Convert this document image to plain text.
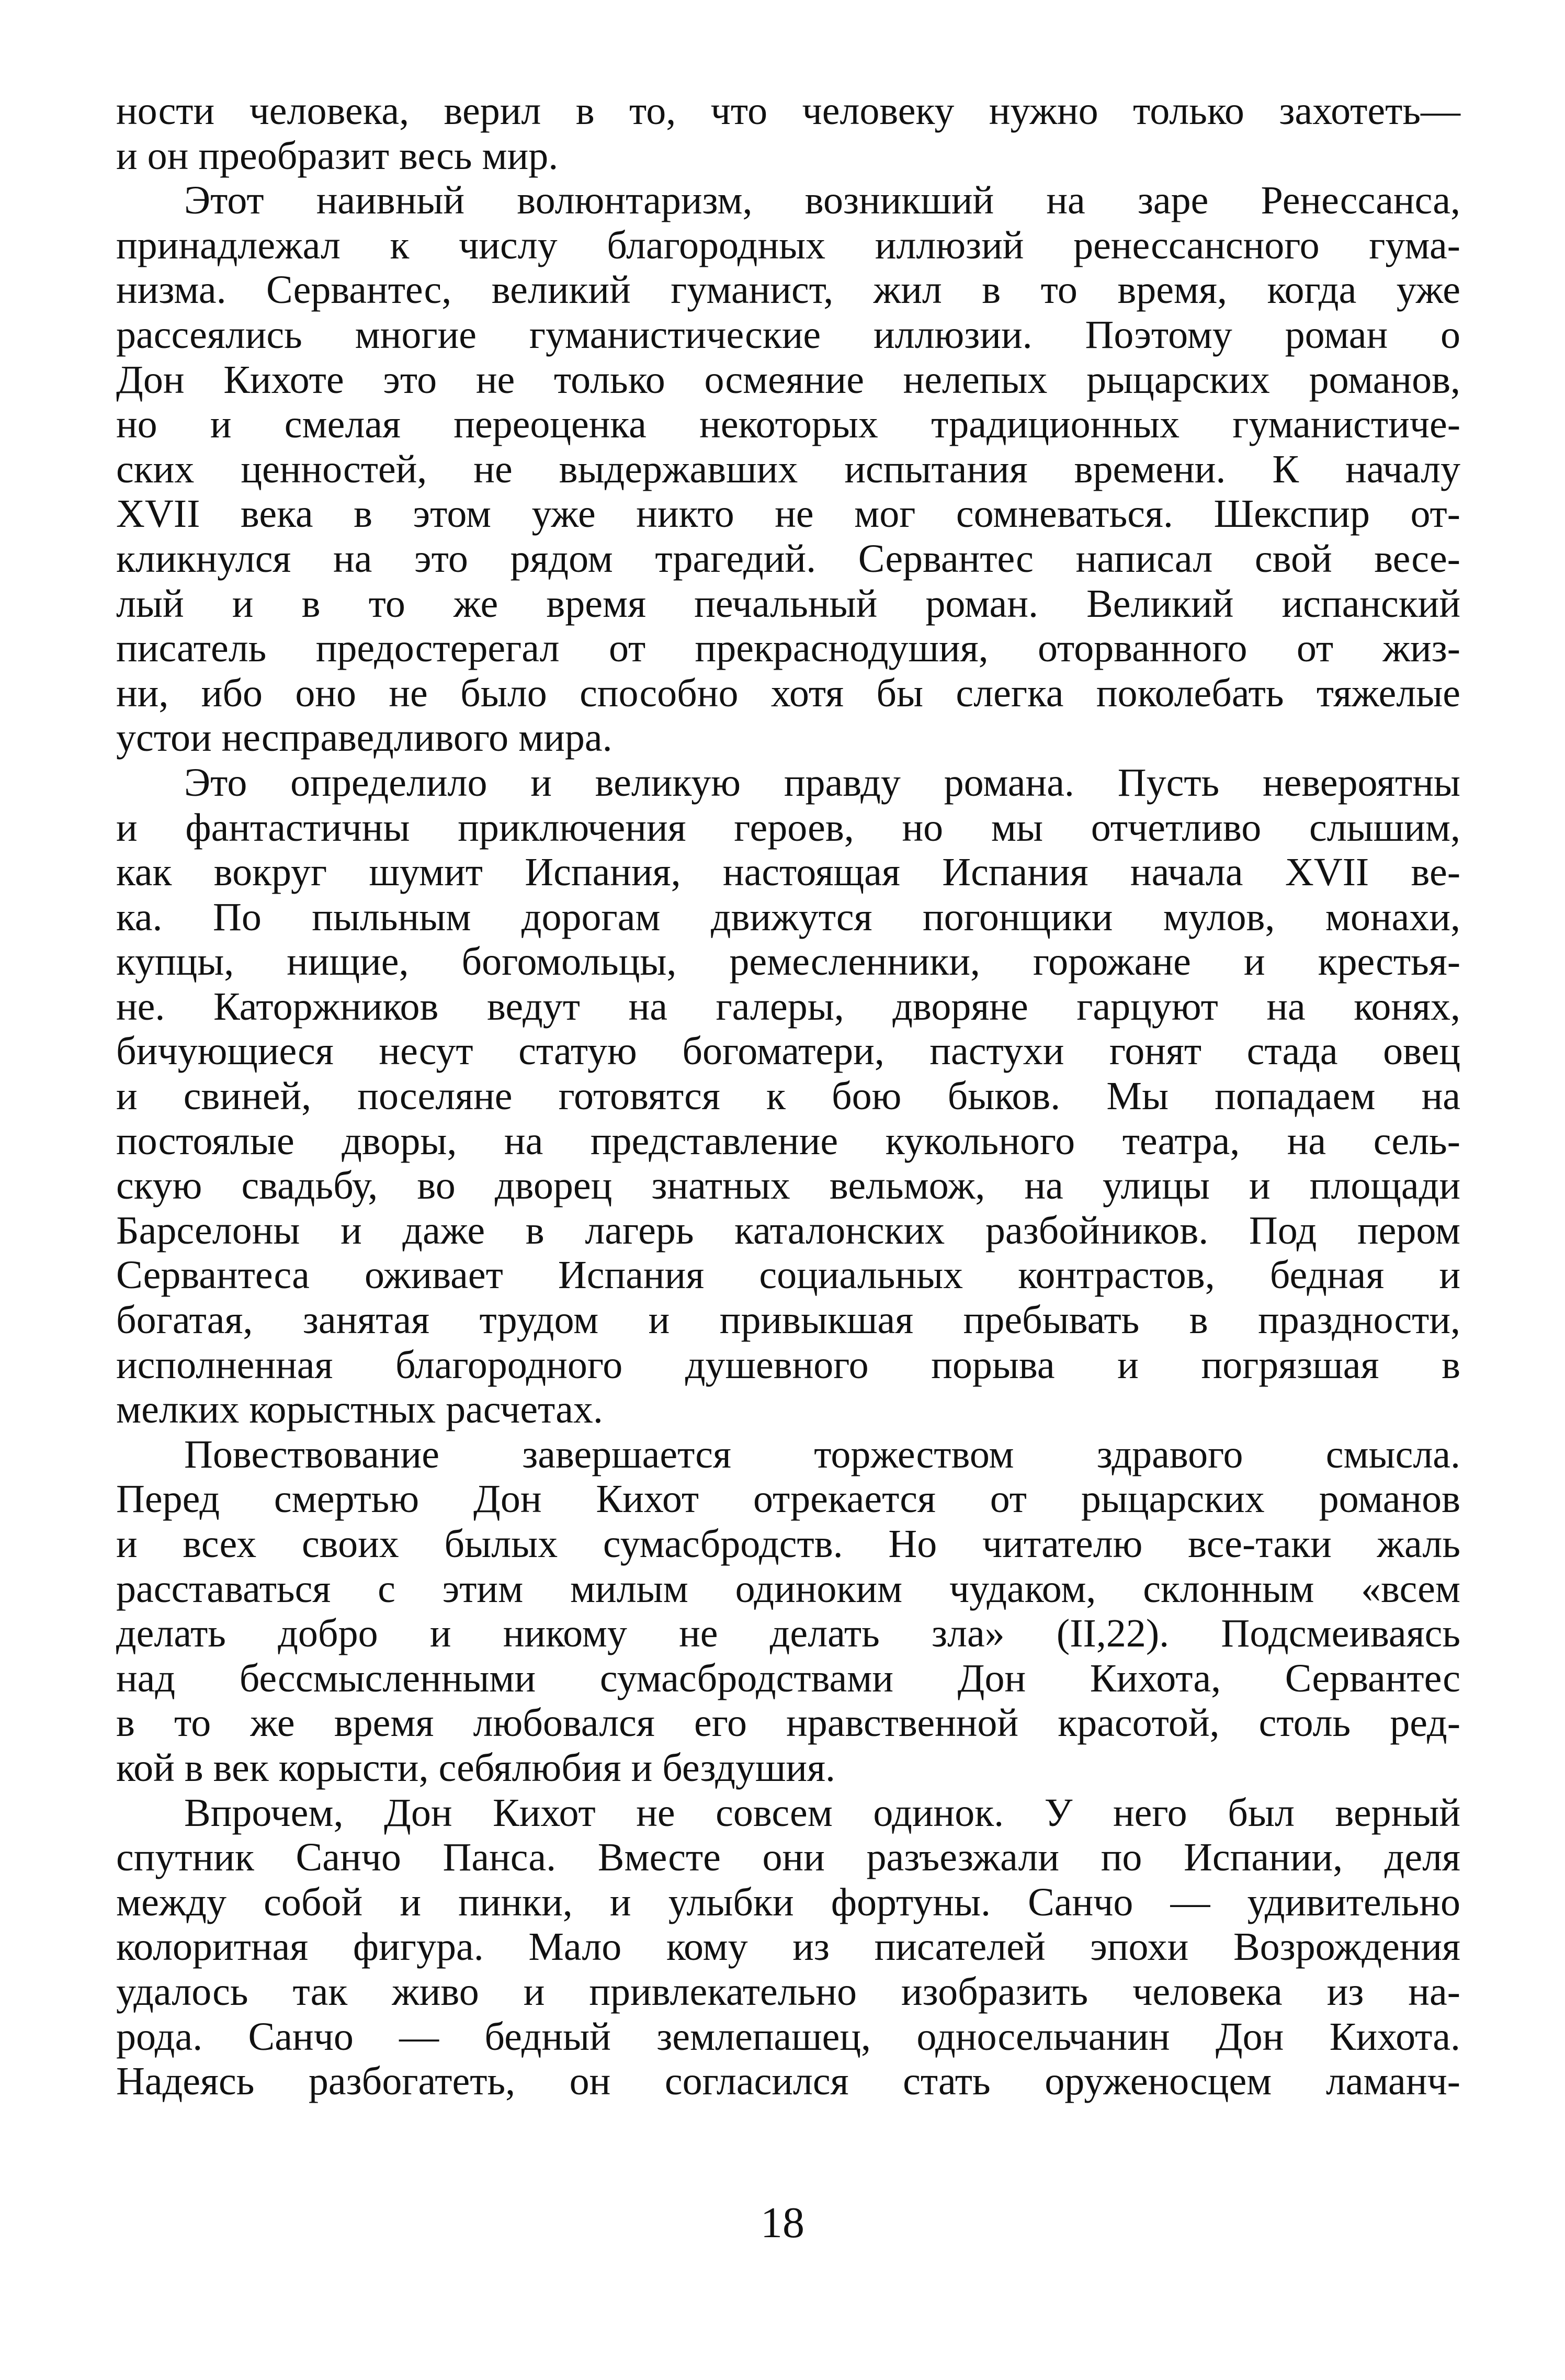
ности человека, верил в то, что человеку нужно только захотеть—
и он преобразит весь мир.
Этот наивный волюнтаризм, возникший на заре Ренессанса,
принадлежал к числу благородных иллюзий ренессансного гума-
низма. Сервантес, великий гуманист, жил в то время, когда уже
рассеялись многие гуманистические иллюзии. Поэтому роман о
Дон Кихоте это не только осмеяние нелепых рыцарских романов,
но и смелая переоценка некоторых традиционных гуманистиче-
ских ценностей, не выдержавших испытания времени. К началу
XVII века в этом уже никто не мог сомневаться. Шекспир от-
кликнулся на это рядом трагедий. Сервантес написал свой весе-
лый и в то же время печальный роман. Великий испанский
писатель предостерегал от прекраснодушия, оторванного от жиз-
ни, ибо оно не было способно хотя бы слегка поколебать тяжелые
устои несправедливого мира.
Это определило и великую правду романа. Пусть невероятны
и фантастичны приключения героев, но мы отчетливо слышим,
как вокруг шумит Испания, настоящая Испания начала XVII ве-
ка. По пыльным дорогам движутся погонщики мулов, монахи,
купцы, нищие, богомольцы, ремесленники, горожане и крестья-
не. Каторжников ведут на галеры, дворяне гарцуют на конях,
бичующиеся несут статую богоматери, пастухи гонят стада овец
и свиней, поселяне готовятся к бою быков. Мы попадаем на
постоялые дворы, на представление кукольного театра, на сель-
скую свадьбу, во дворец знатных вельмож, на улицы и площади
Барселоны и даже в лагерь каталонских разбойников. Под пером
Сервантеса оживает Испания социальных контрастов, бедная и
богатая, занятая трудом и привыкшая пребывать в праздности,
исполненная благородного душевного порыва и погрязшая в
мелких корыстных расчетах.
Повествование завершается торжеством здравого смысла.
Перед смертью Дон Кихот отрекается от рыцарских романов
и всех своих былых сумасбродств. Но читателю все-таки жаль
расставаться с этим милым одиноким чудаком, склонным «всем
делать добро и никому не делать зла» (II,22). Подсмеиваясь
над бессмысленными сумасбродствами Дон Кихота, Сервантес
в то же время любовался его нравственной красотой, столь ред-
кой в век корысти, себялюбия и бездушия.
Впрочем, Дон Кихот не совсем одинок. У него был верный
спутник Санчо Панса. Вместе они разъезжали по Испании, деля
между собой и пинки, и улыбки фортуны. Санчо — удивительно
колоритная фигура. Мало кому из писателей эпохи Возрождения
удалось так живо и привлекательно изобразить человека из на-
рода. Санчо — бедный землепашец, односельчанин Дон Кихота.
Надеясь разбогатеть, он согласился стать оруженосцем ламанч-
18
